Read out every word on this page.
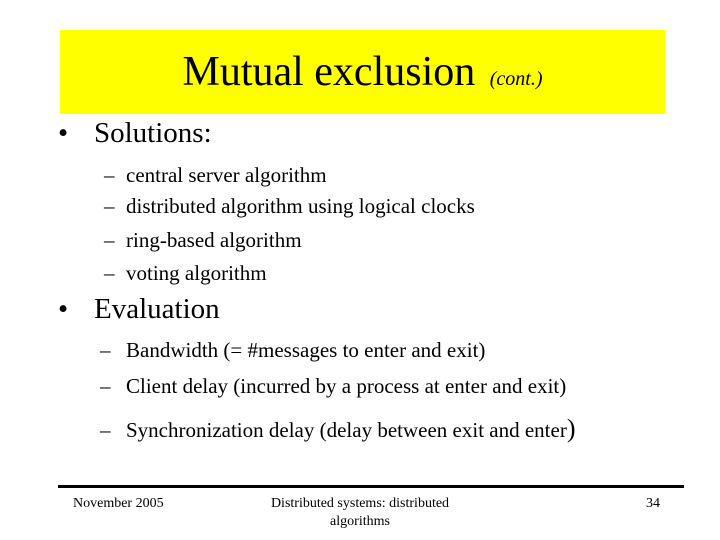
Mutual exclusion (cont.)
• Solutions:
– central server algorithm
– distributed algorithm using logical clocks
– ring-based algorithm
– voting algorithm
• Evaluation
– Bandwidth (= #messages to enter and exit)
– Client delay (incurred by a process at enter and exit)
– Synchronization delay (delay between exit and enter)
November 2005	Distributed systems: distributed algorithms
34
